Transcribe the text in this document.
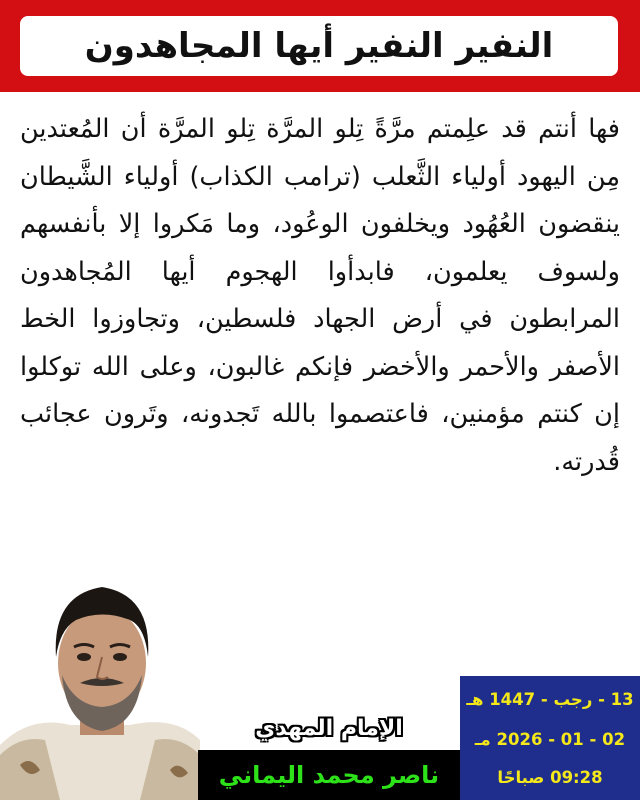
النفير النفير أيها المجاهدون

فها أنتم قد علِمتم مرَّةً تِلو المرَّة تِلو المرَّة أن المُعتدين مِن اليهود أولياء الثَّعلب (ترامب الكذاب) أولياء الشَّيطان ينقضون العُهُود ويخلفون الوعُود، وما مَكروا إلا بأنفسهم ولسوف يعلمون، فابدأوا الهجوم أيها المُجاهدون المرابطون في أرض الجهاد فلسطين، وتجاوزوا الخط الأصفر والأحمر والأخضر فإنكم غالبون، وعلى الله توكلوا إن كنتم مؤمنين، فاعتصموا بالله تَجدونه، وتَرون عجائب قُدرته.

الإمام المهدي
ناصر محمد اليماني
13 - رجب - 1447 هـ
02 - 01 - 2026 مـ
09:28 صباحًا
